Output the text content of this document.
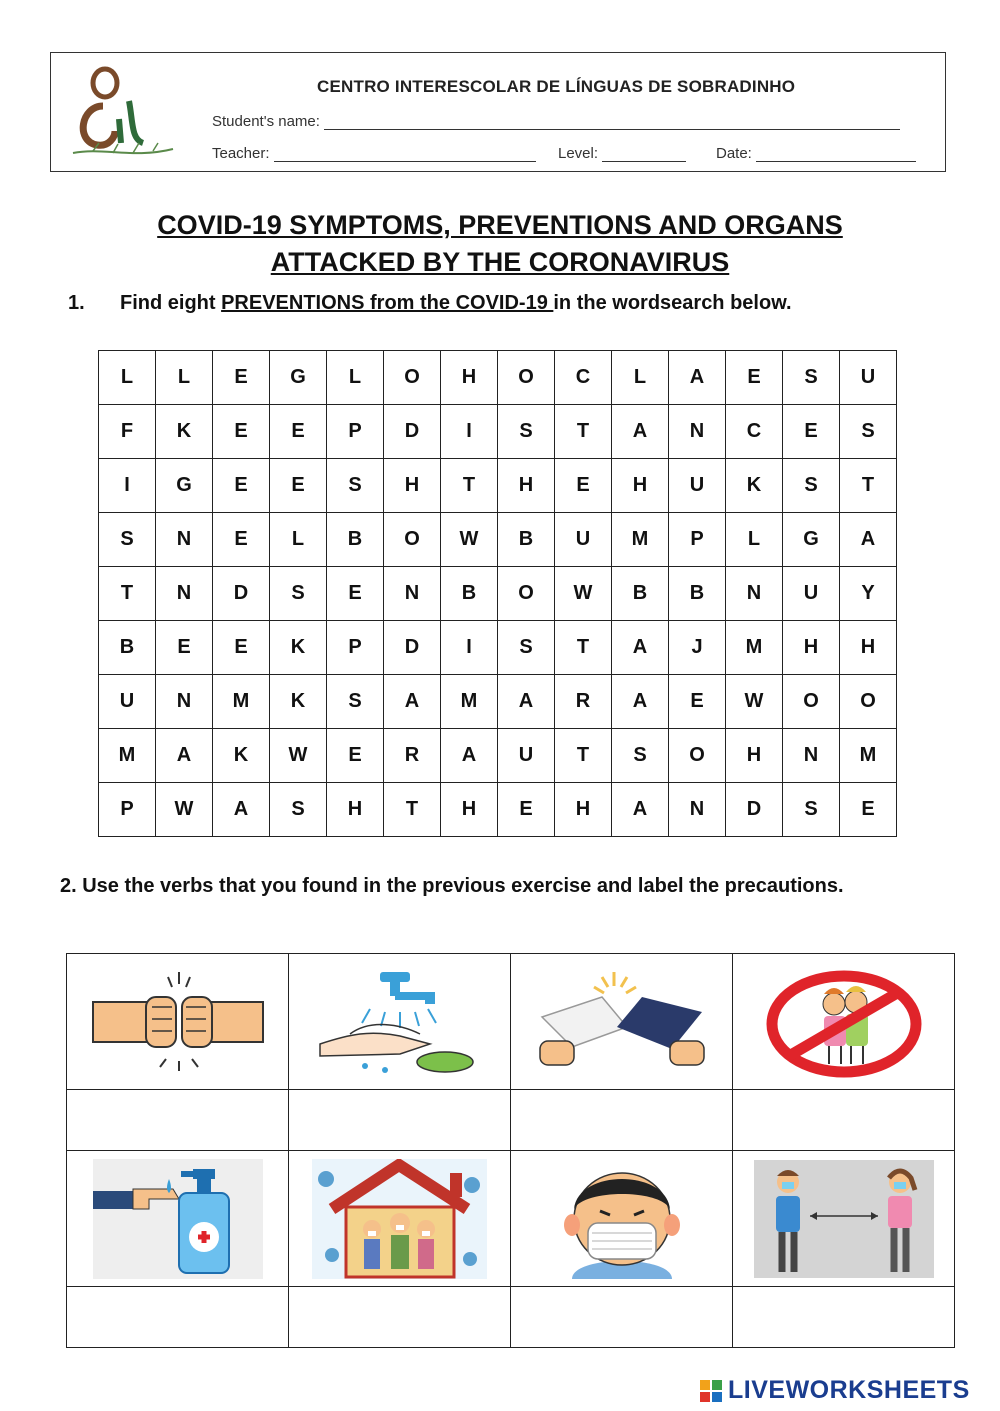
CENTRO INTERESCOLAR DE LÍNGUAS DE SOBRADINHO
Student's name:
Teacher:	Level:	Date:
COVID-19 SYMPTOMS, PREVENTIONS AND ORGANS
ATTACKED BY THE CORONAVIRUS
1. Find eight PREVENTIONS from the COVID-19 in the wordsearch below.
L	L	E	G	L	O	H	O	C	L	A	E	S	U
F	K	E	E	P	D	I	S	T	A	N	C	E	S
I	G	E	E	S	H	T	H	E	H	U	K	S	T
S	N	E	L	B	O	W	B	U	M	P	L	G	A
T	N	D	S	E	N	B	O	W	B	B	N	U	Y
B	E	E	K	P	D	I	S	T	A	J	M	H	H
U	N	M	K	S	A	M	A	R	A	E	W	O	O
M	A	K	W	E	R	A	U	T	S	O	H	N	M
P	W	A	S	H	T	H	E	H	A	N	D	S	E
2. Use the verbs that you found in the previous exercise and label the precautions.

LIVEWORKSHEETS
